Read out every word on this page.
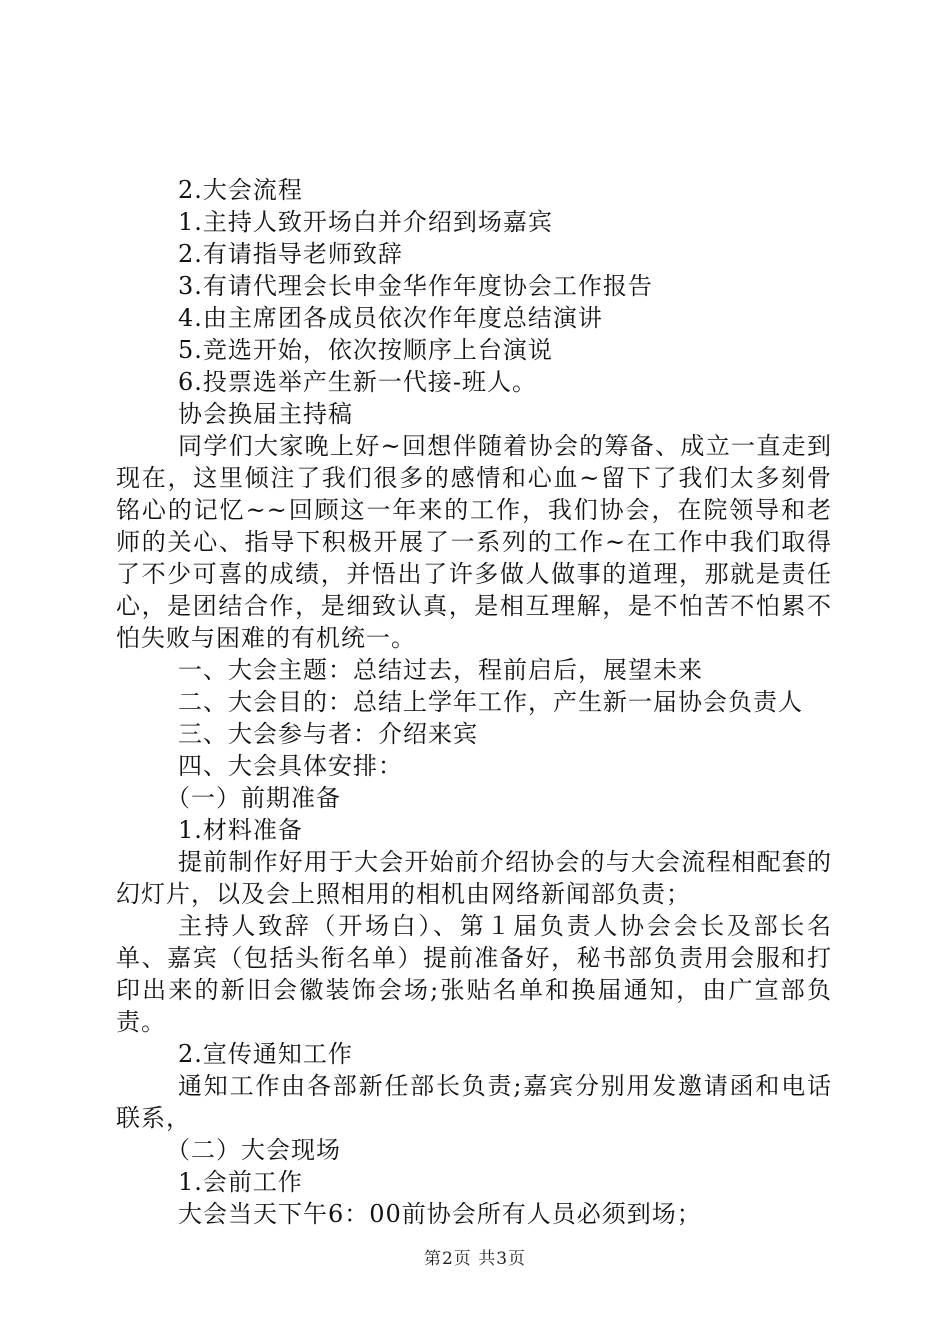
2.大会流程
1.主持人致开场白并介绍到场嘉宾
2.有请指导老师致辞
3.有请代理会长申金华作年度协会工作报告
4.由主席团各成员依次作年度总结演讲
5.竞选开始，依次按顺序上台演说
6.投票选举产生新一代接-班人。
协会换届主持稿
同学们大家晚上好~回想伴随着协会的筹备、成立一直走到现在，这里倾注了我们很多的感情和心血~留下了我们太多刻骨铭心的记忆~~回顾这一年来的工作，我们协会，在院领导和老师的关心、指导下积极开展了一系列的工作~在工作中我们取得了不少可喜的成绩，并悟出了许多做人做事的道理，那就是责任心，是团结合作，是细致认真，是相互理解，是不怕苦不怕累不怕失败与困难的有机统一。
一、大会主题：总结过去，程前启后，展望未来
二、大会目的：总结上学年工作，产生新一届协会负责人
三、大会参与者：介绍来宾
四、大会具体安排：
（一）前期准备
1.材料准备
提前制作好用于大会开始前介绍协会的与大会流程相配套的幻灯片，以及会上照相用的相机由网络新闻部负责；
主持人致辞（开场白）、第１届负责人协会会长及部长名单、嘉宾（包括头衔名单）提前准备好，秘书部负责用会服和打印出来的新旧会徽装饰会场;张贴名单和换届通知，由广宣部负责。
2.宣传通知工作
通知工作由各部新任部长负责;嘉宾分别用发邀请函和电话联系，
（二）大会现场
1.会前工作
大会当天下午6：00前协会所有人员必须到场；
第2页 共3页
